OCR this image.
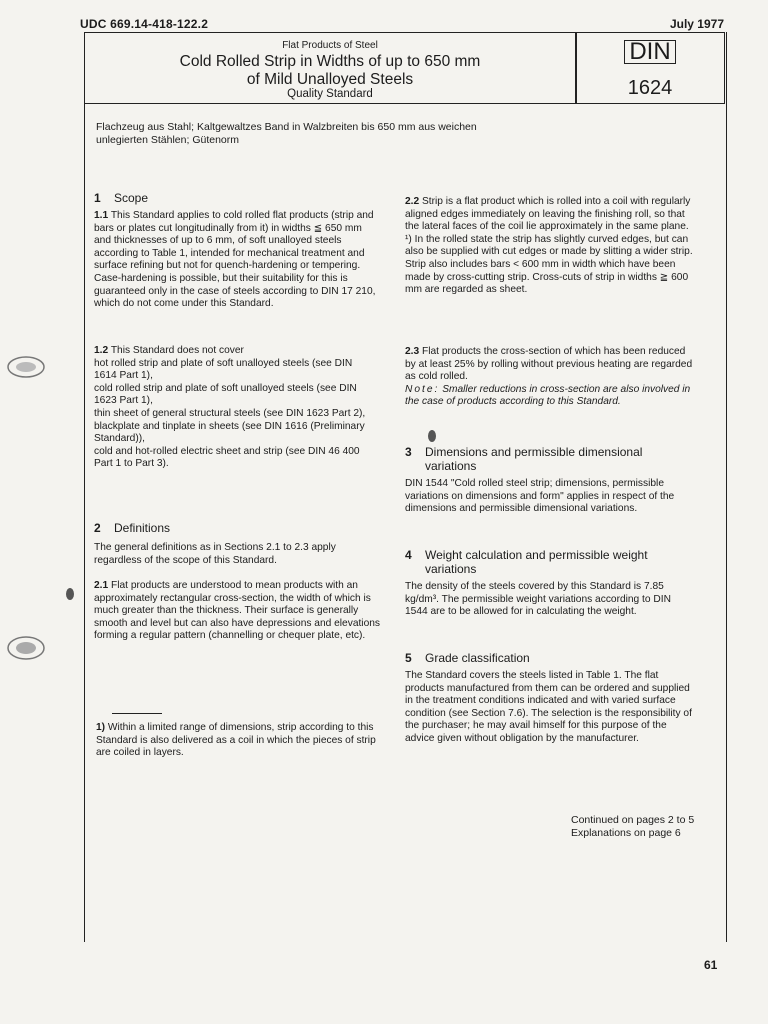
UDC 669.14-418-122.2	July 1977
Flat Products of Steel
Cold Rolled Strip in Widths of up to 650 mm
of Mild Unalloyed Steels
Quality Standard
DIN
1624
Flachzeug aus Stahl; Kaltgewaltzes Band in Walzbreiten bis 650 mm aus weichen unlegierten Stählen; Gütenorm
1 Scope

1.1 This Standard applies to cold rolled flat products (strip and bars or plates cut longitudinally from it) in widths ≦ 650 mm and thicknesses of up to 6 mm, of soft unalloyed steels according to Table 1, intended for mechanical treatment and surface refining but not for quench-hardening or tempering. Case-hardening is possible, but their suitability for this is guaranteed only in the case of steels according to DIN 17 210, which do not come under this Standard.

1.2 This Standard does not cover

hot rolled strip and plate of soft unalloyed steels (see DIN 1614 Part 1),

cold rolled strip and plate of soft unalloyed steels (see DIN 1623 Part 1),

thin sheet of general structural steels (see DIN 1623 Part 2),

blackplate and tinplate in sheets (see DIN 1616 (Preliminary Standard)),

cold and hot-rolled electric sheet and strip (see DIN 46 400 Part 1 to Part 3).

2 Definitions
The general definitions as in Sections 2.1 to 2.3 apply regardless of the scope of this Standard.

2.1 Flat products are understood to mean products with an approximately rectangular cross-section, the width of which is much greater than the thickness. Their surface is generally smooth and level but can also have depressions and elevations forming a regular pattern (channelling or chequer plate, etc).

1) Within a limited range of dimensions, strip according to this Standard is also delivered as a coil in which the pieces of strip are coiled in layers.

2.2 Strip is a flat product which is rolled into a coil with regularly aligned edges immediately on leaving the finishing roll, so that the lateral faces of the coil lie approximately in the same plane. ¹) In the rolled state the strip has slightly curved edges, but can also be supplied with cut edges or made by slitting a wider strip.

Strip also includes bars < 600 mm in width which have been made by cross-cutting strip. Cross-cuts of strip in widths ≧ 600 mm are regarded as sheet.

2.3 Flat products the cross-section of which has been reduced by at least 25% by rolling without previous heating are regarded as cold rolled.

Note: Smaller reductions in cross-section are also involved in the case of products according to this Standard.

3	Dimensions and permissible dimensional variations
DIN 1544 "Cold rolled steel strip; dimensions, permissible variations on dimensions and form" applies in respect of the dimensions and permissible dimensional variations.
4	Weight calculation and permissible weight variations
The density of the steels covered by this Standard is 7.85 kg/dm³. The permissible weight variations according to DIN 1544 are to be allowed for in calculating the weight.
5 Grade classification
The Standard covers the steels listed in Table 1. The flat products manufactured from them can be ordered and supplied in the treatment conditions indicated and with varied surface condition (see Section 7.6). The selection is the responsibility of the purchaser; he may avail himself for this purpose of the advice given without obligation by the manufacturer.
Continued on pages 2 to 5
Explanations on page 6
61
